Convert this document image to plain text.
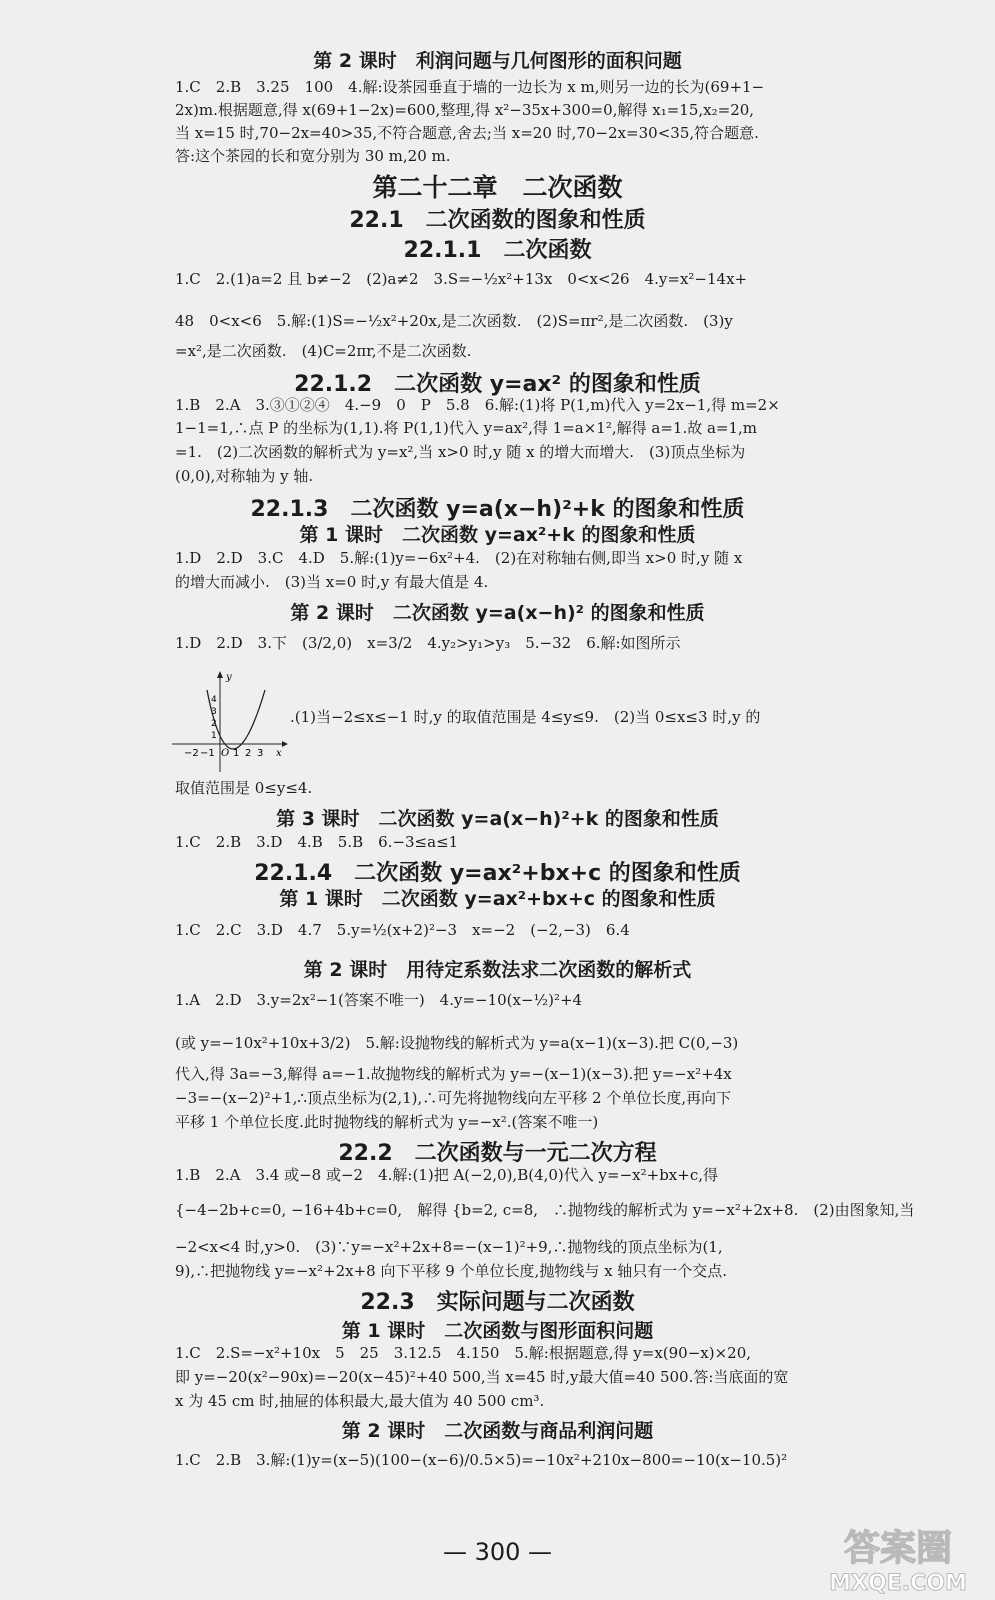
第 2 课时　利润问题与几何图形的面积问题
1.C　2.B　3.25　100　4.解:设茶园垂直于墙的一边长为 x m,则另一边的长为(69+1−
2x)m.根据题意,得 x(69+1−2x)=600,整理,得 x²−35x+300=0,解得 x₁=15,x₂=20,
当 x=15 时,70−2x=40>35,不符合题意,舍去;当 x=20 时,70−2x=30<35,符合题意.
答:这个茶园的长和宽分别为 30 m,20 m.
第二十二章　二次函数
22.1　二次函数的图象和性质
22.1.1　二次函数
1.C　2.(1)a=2 且 b≠−2　(2)a≠2　3.S=−½x²+13x　0<x<26　4.y=x²−14x+
48　0<x<6　5.解:(1)S=−½x²+20x,是二次函数.　(2)S=πr²,是二次函数.　(3)y
=x²,是二次函数.　(4)C=2πr,不是二次函数.
22.1.2　二次函数 y=ax² 的图象和性质
1.B　2.A　3.③①②④　4.−9　0　P　5.8　6.解:(1)将 P(1,m)代入 y=2x−1,得 m=2×
1−1=1,∴点 P 的坐标为(1,1).将 P(1,1)代入 y=ax²,得 1=a×1²,解得 a=1.故 a=1,m
=1.　(2)二次函数的解析式为 y=x²,当 x>0 时,y 随 x 的增大而增大.　(3)顶点坐标为
(0,0),对称轴为 y 轴.
22.1.3　二次函数 y=a(x−h)²+k 的图象和性质
第 1 课时　二次函数 y=ax²+k 的图象和性质
1.D　2.D　3.C　4.D　5.解:(1)y=−6x²+4.　(2)在对称轴右侧,即当 x>0 时,y 随 x
的增大而减小.　(3)当 x=0 时,y 有最大值是 4.
第 2 课时　二次函数 y=a(x−h)² 的图象和性质
1.D　2.D　3.下　(3/2,0)　x=3/2　4.y₂>y₁>y₃　5.−32　6.解:如图所示
y
x
O
−2 −1 1 2 3
1
2
3
4
.(1)当−2≤x≤−1 时,y 的取值范围是 4≤y≤9.　(2)当 0≤x≤3 时,y 的
取值范围是 0≤y≤4.
第 3 课时　二次函数 y=a(x−h)²+k 的图象和性质
1.C　2.B　3.D　4.B　5.B　6.−3≤a≤1
22.1.4　二次函数 y=ax²+bx+c 的图象和性质
第 1 课时　二次函数 y=ax²+bx+c 的图象和性质
1.C　2.C　3.D　4.7　5.y=½(x+2)²−3　x=−2　(−2,−3)　6.4
第 2 课时　用待定系数法求二次函数的解析式
1.A　2.D　3.y=2x²−1(答案不唯一)　4.y=−10(x−½)²+4
(或 y=−10x²+10x+3/2)　5.解:设抛物线的解析式为 y=a(x−1)(x−3).把 C(0,−3)
代入,得 3a=−3,解得 a=−1.故抛物线的解析式为 y=−(x−1)(x−3).把 y=−x²+4x
−3=−(x−2)²+1,∴顶点坐标为(2,1),∴可先将抛物线向左平移 2 个单位长度,再向下
平移 1 个单位长度.此时抛物线的解析式为 y=−x².(答案不唯一)
22.2　二次函数与一元二次方程
1.B　2.A　3.4 或−8 或−2　4.解:(1)把 A(−2,0),B(4,0)代入 y=−x²+bx+c,得
{−4−2b+c=0, −16+4b+c=0,　解得 {b=2, c=8,　∴抛物线的解析式为 y=−x²+2x+8.　(2)由图象知,当
−2<x<4 时,y>0.　(3)∵y=−x²+2x+8=−(x−1)²+9,∴抛物线的顶点坐标为(1,
9),∴把抛物线 y=−x²+2x+8 向下平移 9 个单位长度,抛物线与 x 轴只有一个交点.
22.3　实际问题与二次函数
第 1 课时　二次函数与图形面积问题
1.C　2.S=−x²+10x　5　25　3.12.5　4.150　5.解:根据题意,得 y=x(90−x)×20,
即 y=−20(x²−90x)=−20(x−45)²+40 500,当 x=45 时,y最大值=40 500.答:当底面的宽
x 为 45 cm 时,抽屉的体积最大,最大值为 40 500 cm³.
第 2 课时　二次函数与商品利润问题
1.C　2.B　3.解:(1)y=(x−5)(100−(x−6)/0.5×5)=−10x²+210x−800=−10(x−10.5)²
— 300 —	答案圈
MXQE.COM
